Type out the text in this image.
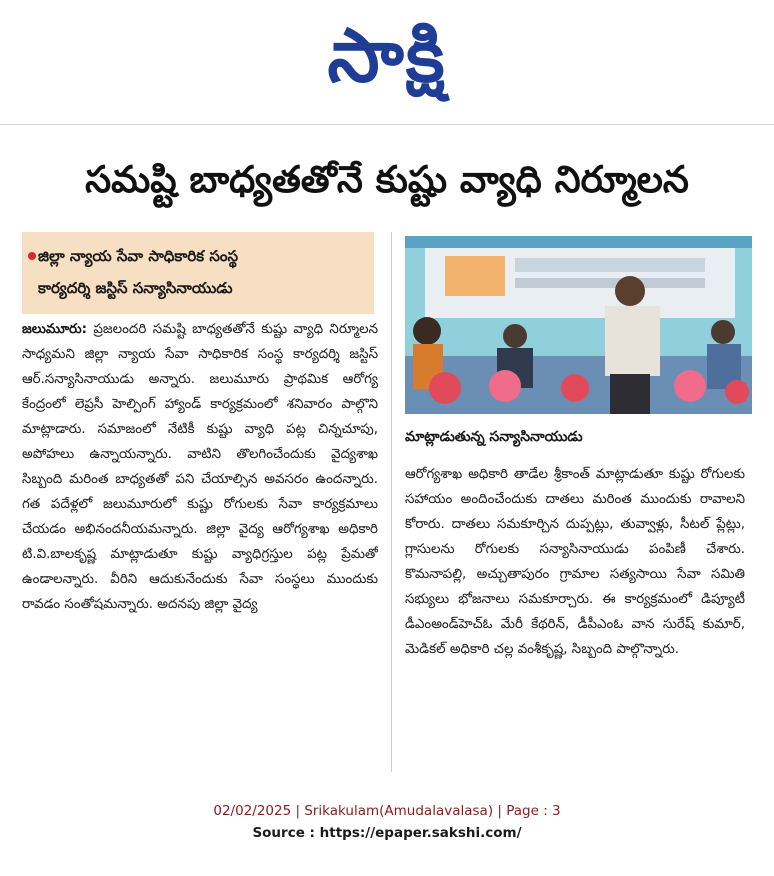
సాక్షి
సమష్టి బాధ్యతతోనే కుష్టు వ్యాధి నిర్మూలన
జిల్లా న్యాయ సేవా సాధికారిక సంస్థ
కార్యదర్శి జస్టిస్ సన్యాసినాయుడు

జలుమూరు: ప్రజలందరి సమష్టి బాధ్యతతోనే కుష్టు వ్యాధి నిర్మూలన సాధ్యమని జిల్లా న్యాయ సేవా సాధికారిక సంస్థ కార్యదర్శి జస్టిస్ ఆర్.సన్యాసినాయుడు అన్నారు. జలుమూరు ప్రాథమిక ఆరోగ్య కేంద్రంలో లెప్రసీ హెల్పింగ్ హ్యాండ్ కార్యక్రమంలో శనివారం పాల్గొని మాట్లాడారు. సమాజంలో నేటికీ కుష్టు వ్యాధి పట్ల చిన్నచూపు, అపోహలు ఉన్నాయన్నారు. వాటిని తొలగించేందుకు వైద్యశాఖ సిబ్బంది మరింత బాధ్యతతో పని చేయాల్సిన అవసరం ఉందన్నారు. గత పదేళ్లలో జలుమూరులో కుష్టు రోగులకు సేవా కార్యక్రమాలు చేయడం అభినందనీయమన్నారు. జిల్లా వైద్య ఆరోగ్యశాఖ అధికారి టి.వి.బాలకృష్ణ మాట్లాడుతూ కుష్టు వ్యాధిగ్రస్తుల పట్ల ప్రేమతో ఉండాలన్నారు. వీరిని ఆదుకునేందుకు సేవా సంస్థలు ముందుకు రావడం సంతోషమన్నారు. అదనపు జిల్లా వైద్య

మాట్లాడుతున్న సన్యాసినాయుడు

ఆరోగ్యశాఖ అధికారి తాడేల శ్రీకాంత్ మాట్లాడుతూ కుష్టు రోగులకు సహాయం అందించేందుకు దాతలు మరింత ముందుకు రావాలని కోరారు. దాతలు సమకూర్చిన దుప్పట్లు, తువ్వాళ్లు, సీటల్ ప్లేట్లు, గ్లాసులను రోగులకు సన్యాసినాయుడు పంపిణీ చేశారు. కొమనాపల్లి, అచ్చుతాపురం గ్రామాల సత్యసాయి సేవా సమితి సభ్యులు భోజనాలు సమకూర్చారు. ఈ కార్యక్రమంలో డిప్యూటీ డీఎంఅండ్‌హెచ్‌ఓ మేరీ కేథరిన్, డీపీఎంఓ వాన సురేష్ కుమార్, మెడికల్ అధికారి చల్ల వంశీకృష్ణ, సిబ్బంది పాల్గొన్నారు.

02/02/2025 | Srikakulam(Amudalavalasa) | Page : 3
Source : https://epaper.sakshi.com/
